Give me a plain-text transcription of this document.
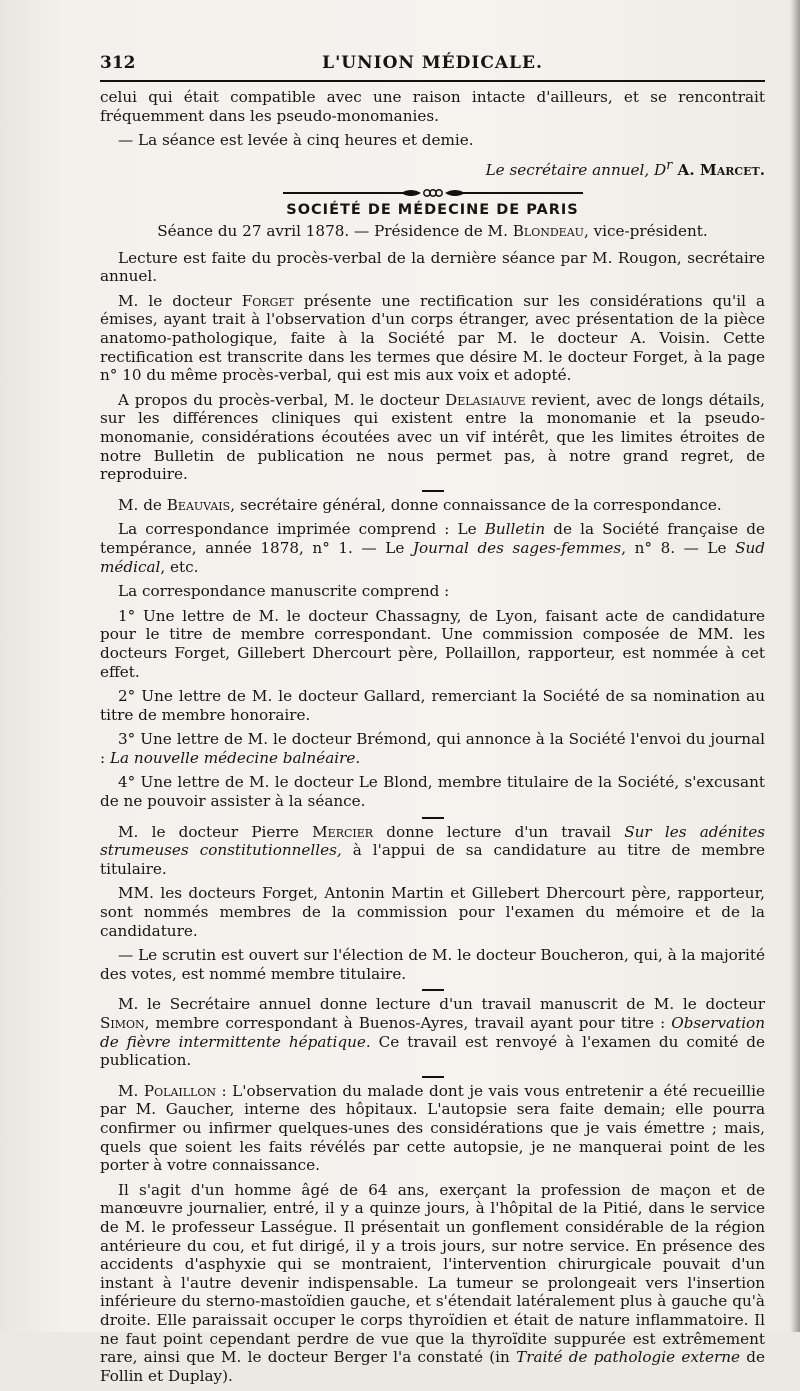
312	L'UNION MÉDICALE.

celui qui était compatible avec une raison intacte d'ailleurs, et se rencontrait fréquemment dans les pseudo-monomanies.

— La séance est levée à cinq heures et demie.

Le secrétaire annuel, $D^r$ A. Marcet.
SOCIÉTÉ DE MÉDECINE DE PARIS
Séance du 27 avril 1878. — Présidence de M. Blondeau, vice-président.

Lecture est faite du procès-verbal de la dernière séance par M. Rougon, secrétaire annuel.

M. le docteur Forget présente une rectification sur les considérations qu'il a émises, ayant trait à l'observation d'un corps étranger, avec présentation de la pièce anatomo-pathologique, faite à la Société par M. le docteur A. Voisin. Cette rectification est transcrite dans les termes que désire M. le docteur Forget, à la page n° 10 du même procès-verbal, qui est mis aux voix et adopté.

A propos du procès-verbal, M. le docteur Delasiauve revient, avec de longs détails, sur les différences cliniques qui existent entre la monomanie et la pseudo-monomanie, considérations écoutées avec un vif intérêt, que les limites étroites de notre Bulletin de publication ne nous permet pas, à notre grand regret, de reproduire.

M. de Beauvais, secrétaire général, donne connaissance de la correspondance.

La correspondance imprimée comprend : Le Bulletin de la Société française de tempérance, année 1878, n° 1. — Le Journal des sages-femmes, n° 8. — Le Sud médical, etc.

La correspondance manuscrite comprend :

1° Une lettre de M. le docteur Chassagny, de Lyon, faisant acte de candidature pour le titre de membre correspondant. Une commission composée de MM. les docteurs Forget, Gillebert Dhercourt père, Pollaillon, rapporteur, est nommée à cet effet.

2° Une lettre de M. le docteur Gallard, remerciant la Société de sa nomination au titre de membre honoraire.

3° Une lettre de M. le docteur Brémond, qui annonce à la Société l'envoi du journal : La nouvelle médecine balnéaire.

4° Une lettre de M. le docteur Le Blond, membre titulaire de la Société, s'excusant de ne pouvoir assister à la séance.

M. le docteur Pierre Mercier donne lecture d'un travail Sur les adénites strumeuses constitutionnelles, à l'appui de sa candidature au titre de membre titulaire.

MM. les docteurs Forget, Antonin Martin et Gillebert Dhercourt père, rapporteur, sont nommés membres de la commission pour l'examen du mémoire et de la candidature.

— Le scrutin est ouvert sur l'élection de M. le docteur Boucheron, qui, à la majorité des votes, est nommé membre titulaire.

M. le Secrétaire annuel donne lecture d'un travail manuscrit de M. le docteur Simon, membre correspondant à Buenos-Ayres, travail ayant pour titre : Observation de fièvre intermittente hépatique. Ce travail est renvoyé à l'examen du comité de publication.

M. Polaillon : L'observation du malade dont je vais vous entretenir a été recueillie par M. Gaucher, interne des hôpitaux. L'autopsie sera faite demain; elle pourra confirmer ou infirmer quelques-unes des considérations que je vais émettre ; mais, quels que soient les faits révélés par cette autopsie, je ne manquerai point de les porter à votre connaissance.

Il s'agit d'un homme âgé de 64 ans, exerçant la profession de maçon et de manœuvre journalier, entré, il y a quinze jours, à l'hôpital de la Pitié, dans le service de M. le professeur Lasségue. Il présentait un gonflement considérable de la région antérieure du cou, et fut dirigé, il y a trois jours, sur notre service. En présence des accidents d'asphyxie qui se montraient, l'intervention chirurgicale pouvait d'un instant à l'autre devenir indispensable. La tumeur se prolongeait vers l'insertion inférieure du sterno-mastoïdien gauche, et s'étendait latéralement plus à gauche qu'à droite. Elle paraissait occuper le corps thyroïdien et était de nature inflammatoire. Il ne faut point cependant perdre de vue que la thyroïdite suppurée est extrêmement rare, ainsi que M. le docteur Berger l'a constaté (in Traité de pathologie externe de Follin et Duplay).
